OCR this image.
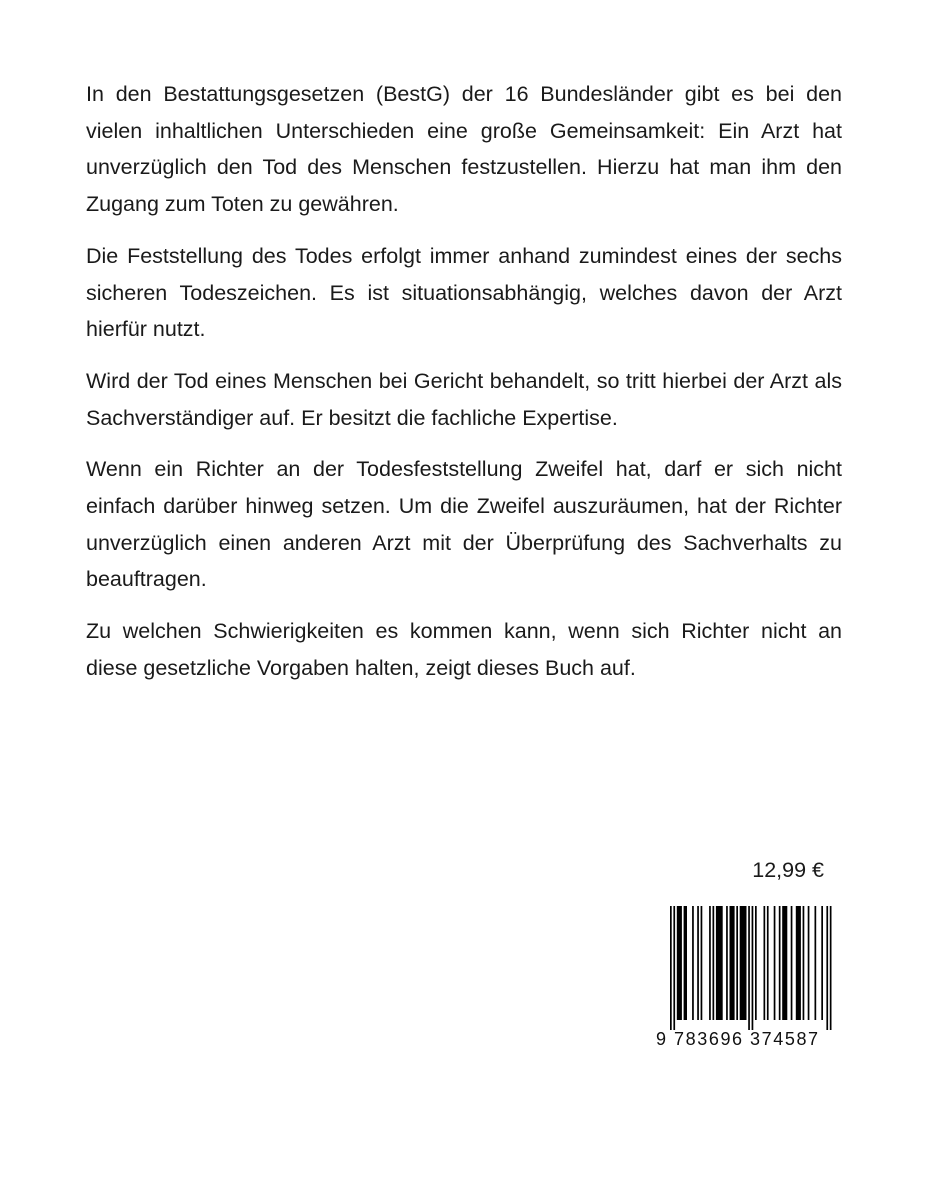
In den Bestattungsgesetzen (BestG) der 16 Bundesländer gibt es bei den vielen inhaltlichen Unterschieden eine große Gemeinsamkeit: Ein Arzt hat unverzüglich den Tod des Menschen festzustellen. Hierzu hat man ihm den Zugang zum Toten zu gewähren.

Die Feststellung des Todes erfolgt immer anhand zumindest eines der sechs sicheren Todeszeichen. Es ist situationsabhängig, welches davon der Arzt hierfür nutzt.

Wird der Tod eines Menschen bei Gericht behandelt, so tritt hierbei der Arzt als Sachverständiger auf. Er besitzt die fachliche Expertise.

Wenn ein Richter an der Todesfeststellung Zweifel hat, darf er sich nicht einfach darüber hinweg setzen. Um die Zweifel auszuräumen, hat der Richter unverzüglich einen anderen Arzt mit der Überprüfung des Sachverhalts zu beauftragen.

Zu welchen Schwierigkeiten es kommen kann, wenn sich Richter nicht an diese gesetzliche Vorgaben halten, zeigt dieses Buch auf.

12,99 €
9 783696 374587
